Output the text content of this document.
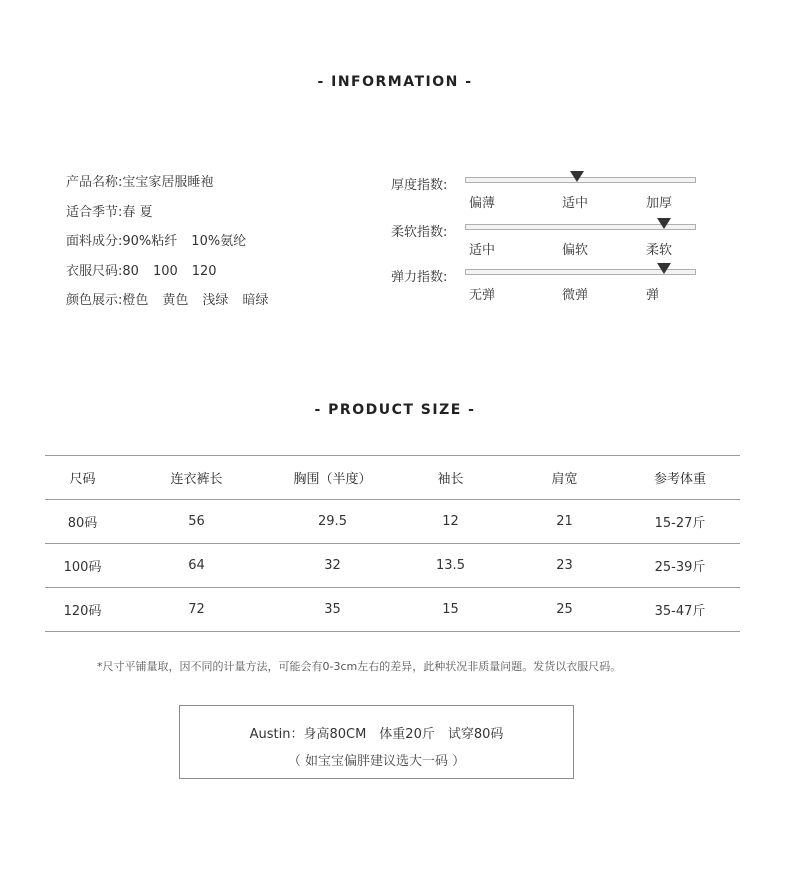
- INFORMATION -
产品名称:宝宝家居服睡袍
适合季节:春 夏
面料成分:90%粘纤 10%氨纶
衣服尺码:80 100 120
颜色展示:橙色 黄色 浅绿 暗绿
厚度指数:
偏薄	适中	加厚
柔软指数:
适中	偏软	柔软
弹力指数:
无弹	微弹	弹
- PRODUCT SIZE -
尺码	连衣裤长	胸围（半度）	袖长	肩宽	参考体重
80码	56	29.5	12	21	15-27斤
100码	64	32	13.5	23	25-39斤
120码	72	35	15	25	35-47斤
*尺寸平铺量取，因不同的计量方法，可能会有0-3cm左右的差异，此种状况非质量问题。发货以衣服尺码。
Austin：身高80CM　体重20斤　试穿80码
（ 如宝宝偏胖建议选大一码 ）
